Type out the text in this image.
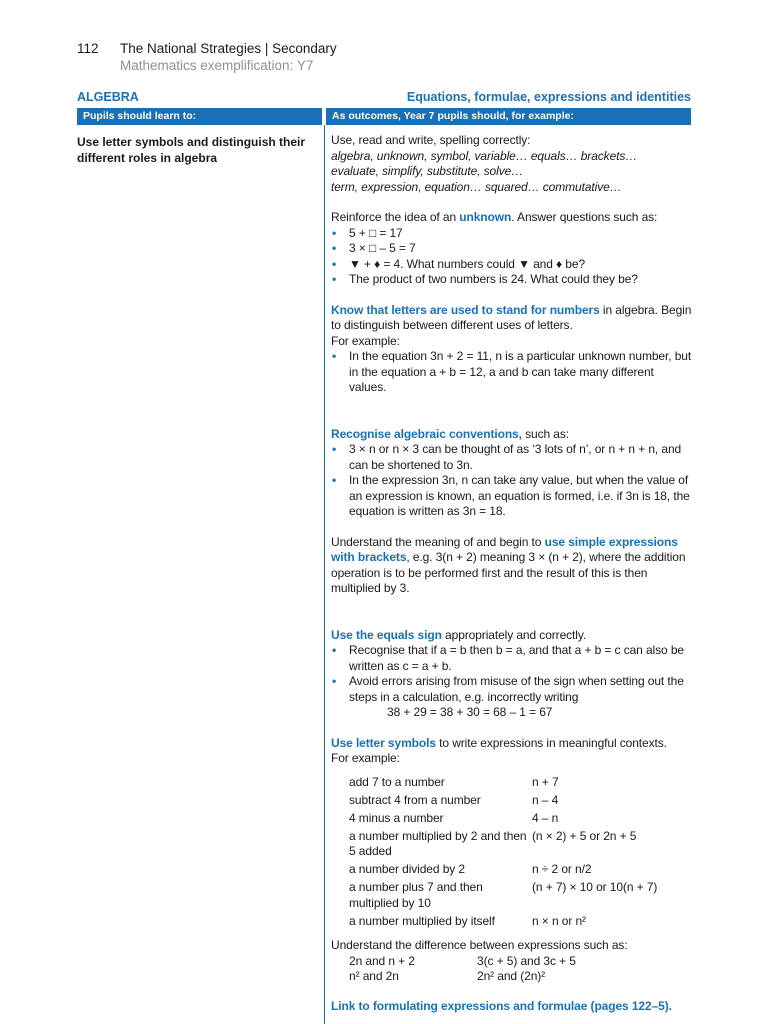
112 The National Strategies | Secondary
Mathematics exemplification: Y7
ALGEBRA	Equations, formulae, expressions and identities
Pupils should learn to:	As outcomes, Year 7 pupils should, for example:
Use letter symbols and distinguish their different roles in algebra

Use, read and write, spelling correctly:

algebra, unknown, symbol, variable… equals… brackets…

evaluate, simplify, substitute, solve…

term, expression, equation… squared… commutative…

Reinforce the idea of an unknown. Answer questions such as:

• 5 + □ = 17
• 3 × □ – 5 = 7
• ▼ + ♦ = 4. What numbers could ▼ and ♦ be?
• The product of two numbers is 24. What could they be?

Know that letters are used to stand for numbers in algebra. Begin to distinguish between different uses of letters.

For example:

• In the equation 3n + 2 = 11, n is a particular unknown number, but in the equation a + b = 12, a and b can take many different values.

Recognise algebraic conventions, such as:

• 3 × n or n × 3 can be thought of as ‘3 lots of n’, or n + n + n, and can be shortened to 3n.
• In the expression 3n, n can take any value, but when the value of an expression is known, an equation is formed, i.e. if 3n is 18, the equation is written as 3n = 18.

Understand the meaning of and begin to use simple expressions with brackets, e.g. 3(n + 2) meaning 3 × (n + 2), where the addition operation is to be performed first and the result of this is then multiplied by 3.

Use the equals sign appropriately and correctly.

• Recognise that if a = b then b = a, and that a + b = c can also be written as c = a + b.
• Avoid errors arising from misuse of the sign when setting out the steps in a calculation, e.g. incorrectly writing
38 + 29 = 38 + 30 = 68 – 1 = 67

Use letter symbols to write expressions in meaningful contexts.

For example:

add 7 to a number	n + 7
subtract 4 from a number	n – 4
4 minus a number	4 – n
a number multiplied by 2 and then 5 added	(n × 2) + 5 or 2n + 5
a number divided by 2	n ÷ 2 or n/2
a number plus 7 and then multiplied by 10	(n + 7) × 10 or 10(n + 7)
a number multiplied by itself	n × n or n²

Understand the difference between expressions such as:

2n and n + 2	3(c + 5) and 3c + 5

n² and 2n	2n² and (2n)²

Link to formulating expressions and formulae (pages 122–5).
